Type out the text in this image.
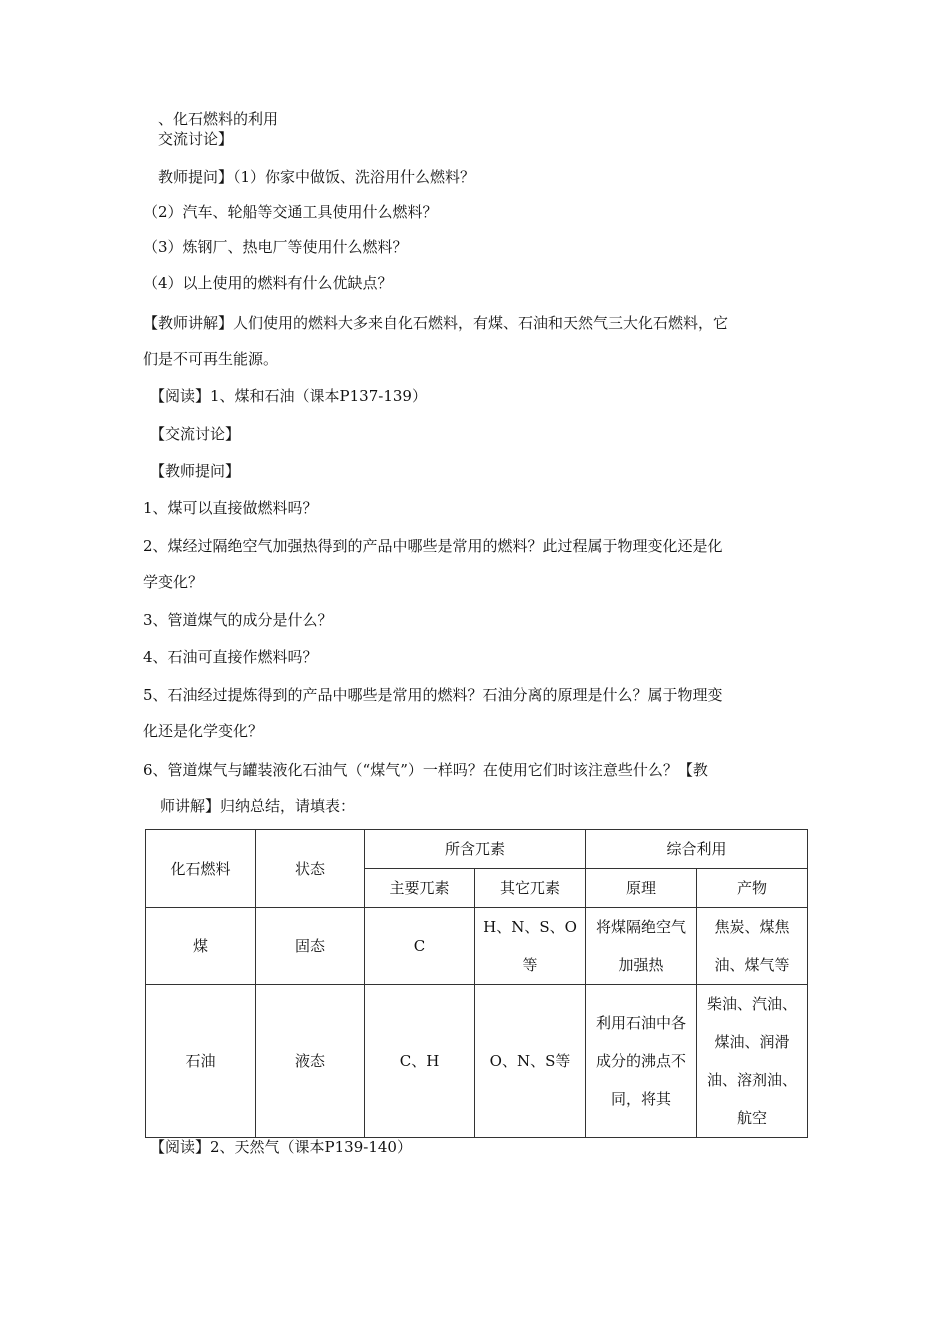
、化石燃料的利用
交流讨论】
教师提问】（1）你家中做饭、洗浴用什么燃料？
（2）汽车、轮船等交通工具使用什么燃料？
（3）炼钢厂、热电厂等使用什么燃料？
（4）以上使用的燃料有什么优缺点？
【教师讲解】人们使用的燃料大多来自化石燃料，有煤、石油和天然气三大化石燃料，它
们是不可再生能源。
【阅读】1、煤和石油（课本P137-139）
【交流讨论】
【教师提问】
1、煤可以直接做燃料吗？
2、煤经过隔绝空气加强热得到的产品中哪些是常用的燃料？此过程属于物理变化还是化
学变化？
3、管道煤气的成分是什么？
4、石油可直接作燃料吗？
5、石油经过提炼得到的产品中哪些是常用的燃料？石油分离的原理是什么？属于物理变
化还是化学变化？
6、管道煤气与罐装液化石油气（“煤气”）一样吗？在使用它们时该注意些什么？【教
师讲解】归纳总结，请填表：
化石燃料	状态	所含兀素		综合利用	
		主要兀素	其它兀素	原理	产物
煤	固态	C	H、N、S、O等	将煤隔绝空气加强热	焦炭、煤焦油、煤气等
石油	液态	C、H	O、N、S等	利用石油中各成分的沸点不同，将其	柴油、汽油、煤油、润滑油、溶剂油、航空
【阅读】2、天然气（课本P139-140）
